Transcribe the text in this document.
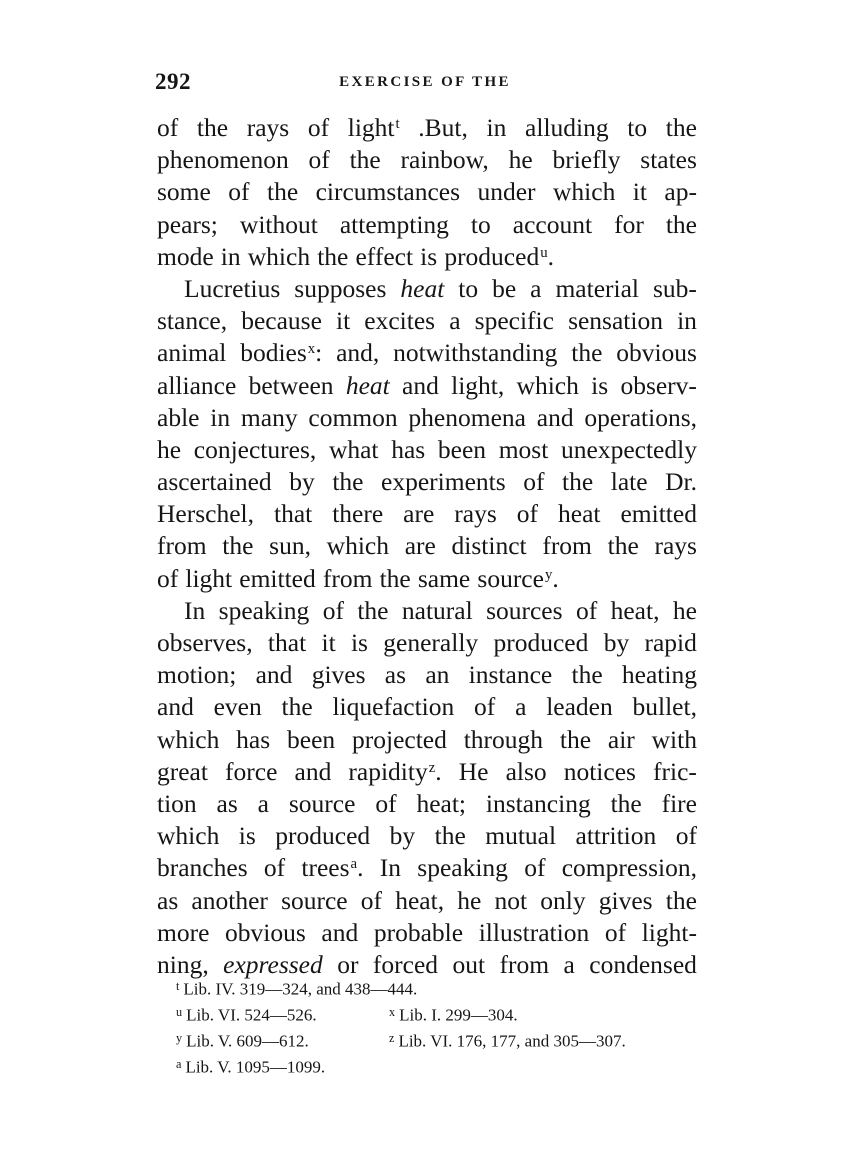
292	EXERCISE OF THE
of the rays of light$^t$ .But, in alluding to the
phenomenon of the rainbow, he briefly states
some of the circumstances under which it ap-
pears; without attempting to account for the
mode in which the effect is produced$^u$.
Lucretius supposes heat to be a material sub-
stance, because it excites a specific sensation in
animal bodies$^x$: and, notwithstanding the obvious
alliance between heat and light, which is observ-
able in many common phenomena and operations,
he conjectures, what has been most unexpectedly
ascertained by the experiments of the late Dr.
Herschel, that there are rays of heat emitted
from the sun, which are distinct from the rays
of light emitted from the same source$^y$.
In speaking of the natural sources of heat, he
observes, that it is generally produced by rapid
motion; and gives as an instance the heating
and even the liquefaction of a leaden bullet,
which has been projected through the air with
great force and rapidity$^z$. He also notices fric-
tion as a source of heat; instancing the fire
which is produced by the mutual attrition of
branches of trees$^a$. In speaking of compression,
as another source of heat, he not only gives the
more obvious and probable illustration of light-
ning, expressed or forced out from a condensed
$^t$ Lib. IV. 319—324, and 438—444.
$^u$ Lib. VI. 524—526.	$^x$ Lib. I. 299—304.
$^y$ Lib. V. 609—612.	$^z$ Lib. VI. 176, 177, and 305—307.
$^a$ Lib. V. 1095—1099.
